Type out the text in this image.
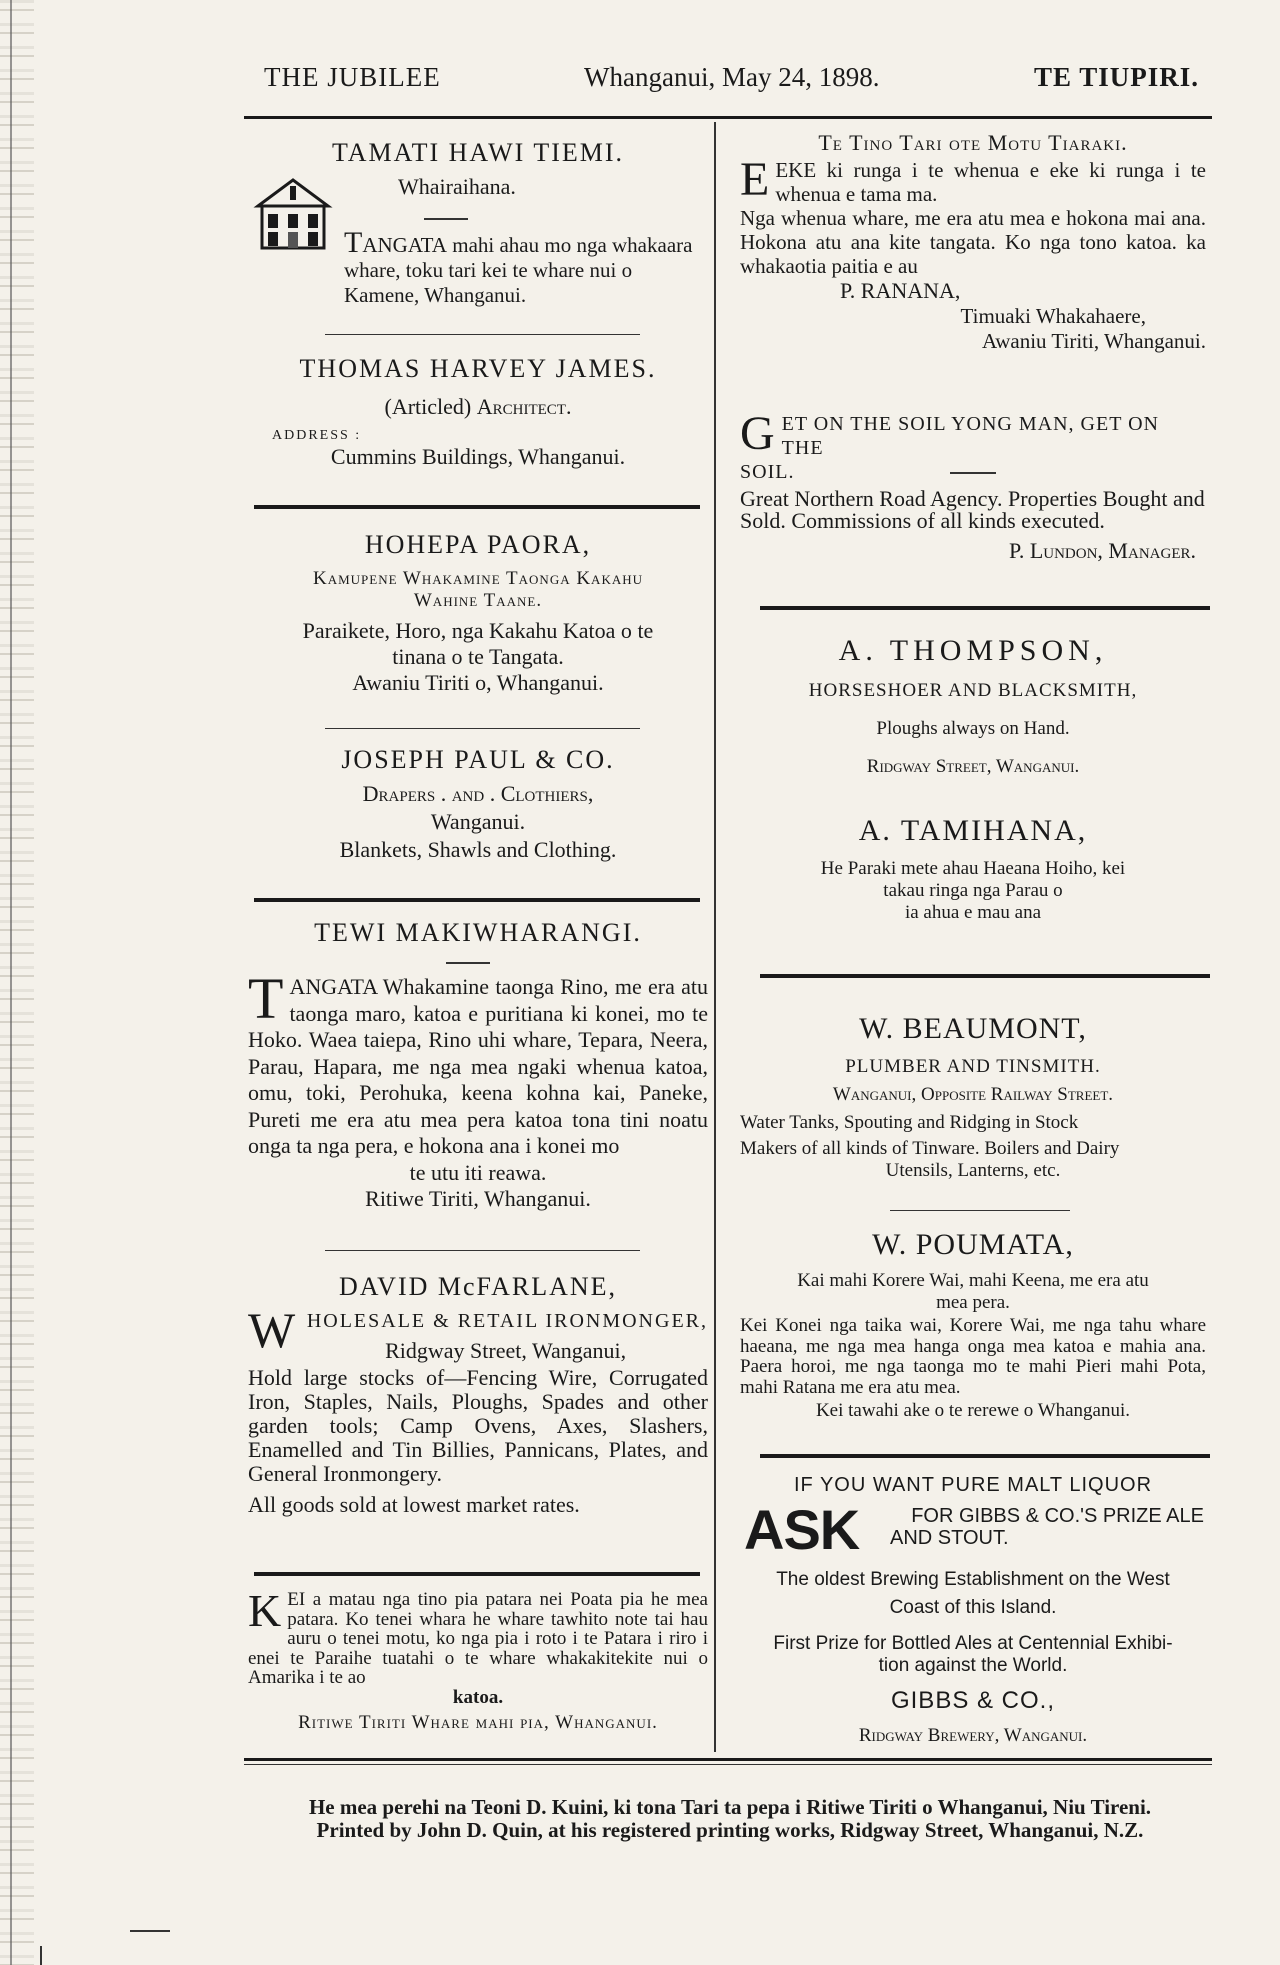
THE JUBILEE	Whanganui, May 24, 1898.	TE TIUPIRI.
TAMATI HAWI TIEMI.
Whairaihana.
TANGATA mahi ahau mo nga whakaara whare, toku tari kei te whare nui o Kamene, Whanganui.
THOMAS HARVEY JAMES.
(Articled) Architect.
ADDRESS :
Cummins Buildings, Whanganui.
HOHEPA PAORA,
Kamupene Whakamine Taonga Kakahu
Wahine Taane.
Paraikete, Horo, nga Kakahu Katoa o te
tinana o te Tangata.
Awaniu Tiriti o, Whanganui.
JOSEPH PAUL & CO.
Drapers . and . Clothiers,
Wanganui.
Blankets, Shawls and Clothing.
TEWI MAKIWHARANGI.
TANGATA Whakamine taonga Rino, me era atu taonga maro, katoa e puritiana ki konei, mo te Hoko. Waea taiepa, Rino uhi whare, Tepara, Neera, Parau, Hapara, me nga mea ngaki whenua katoa, omu, toki, Perohuka, keena kohna kai, Paneke, Pureti me era atu mea pera katoa tona tini noatu onga ta nga pera, e hokona ana i konei mo
te utu iti reawa.
Ritiwe Tiriti, Whanganui.
DAVID McFARLANE,
WHOLESALE & RETAIL IRONMONGER,
Ridgway Street, Wanganui,
Hold large stocks of—Fencing Wire, Corrugated Iron, Staples, Nails, Ploughs, Spades and other garden tools; Camp Ovens, Axes, Slashers, Enamelled and Tin Billies, Pannicans, Plates, and General Ironmongery.
All goods sold at lowest market rates.
KEI a matau nga tino pia patara nei Poata pia he mea patara. Ko tenei whara he whare tawhito note tai hau auru o tenei motu, ko nga pia i roto i te Patara i riro i enei te Paraihe tuatahi o te whare whakakitekite nui o Amarika i te ao
katoa.
Ritiwe Tiriti Whare mahi pia, Whanganui.
Te Tino Tari ote Motu Tiaraki.
EEKE ki runga i te whenua e eke ki runga i te whenua e tama ma.
Nga whenua whare, me era atu mea e hokona mai ana. Hokona atu ana kite tangata. Ko nga tono katoa. ka whakaotia paitia e au
P. RANANA,
Timuaki Whakahaere,
Awaniu Tiriti, Whanganui.
GET ON THE SOIL YONG MAN, GET ON THE
SOIL.
Great Northern Road Agency. Properties Bought and Sold. Commissions of all kinds executed.
P. Lundon, Manager.
A. THOMPSON,
HORSESHOER AND BLACKSMITH,
Ploughs always on Hand.
Ridgway Street, Wanganui.
A. TAMIHANA,
He Paraki mete ahau Haeana Hoiho, kei
takau ringa nga Parau o
ia ahua e mau ana
W. BEAUMONT,
PLUMBER AND TINSMITH.
Wanganui, Opposite Railway Street.
Water Tanks, Spouting and Ridging in Stock
Makers of all kinds of Tinware. Boilers and Dairy
Utensils, Lanterns, etc.
W. POUMATA,
Kai mahi Korere Wai, mahi Keena, me era atu
mea pera.
Kei Konei nga taika wai, Korere Wai, me nga tahu whare haeana, me nga mea hanga onga mea katoa e mahia ana. Paera horoi, me nga taonga mo te mahi Pieri mahi Pota, mahi Ratana me era atu mea.
Kei tawahi ake o te rerewe o Whanganui.
IF YOU WANT PURE MALT LIQUOR
ASK	FOR GIBBS & CO.'S PRIZE ALE
AND STOUT.
The oldest Brewing Establishment on the West
Coast of this Island.
First Prize for Bottled Ales at Centennial Exhibi-
tion against the World.
GIBBS & CO.,
Ridgway Brewery, Wanganui.
He mea perehi na Teoni D. Kuini, ki tona Tari ta pepa i Ritiwe Tiriti o Whanganui, Niu Tireni.
Printed by John D. Quin, at his registered printing works, Ridgway Street, Whanganui, N.Z.
